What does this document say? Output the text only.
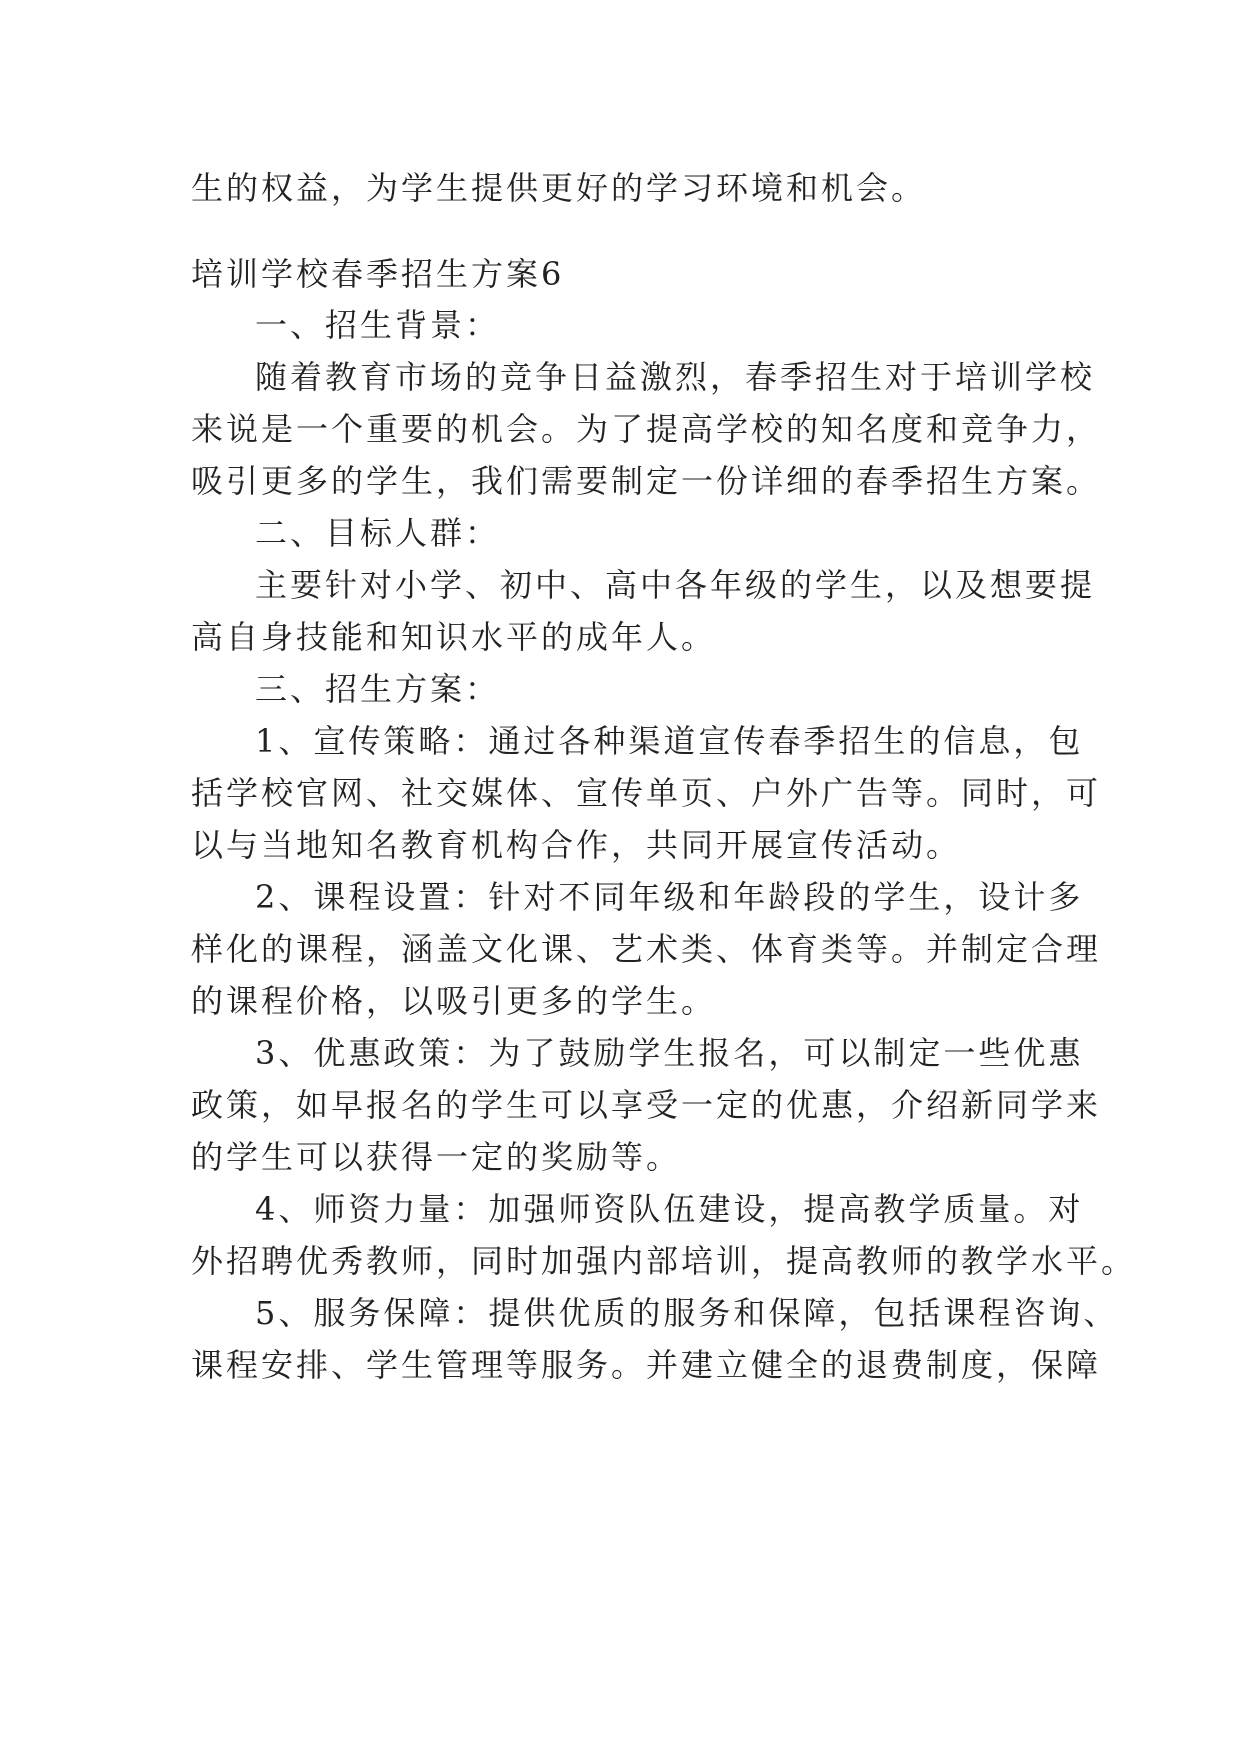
生的权益，为学生提供更好的学习环境和机会。
培训学校春季招生方案6
一、招生背景：
随着教育市场的竞争日益激烈，春季招生对于培训学校
来说是一个重要的机会。为了提高学校的知名度和竞争力，
吸引更多的学生，我们需要制定一份详细的春季招生方案。
二、目标人群：
主要针对小学、初中、高中各年级的学生，以及想要提
高自身技能和知识水平的成年人。
三、招生方案：
1、宣传策略：通过各种渠道宣传春季招生的信息，包
括学校官网、社交媒体、宣传单页、户外广告等。同时，可
以与当地知名教育机构合作，共同开展宣传活动。
2、课程设置：针对不同年级和年龄段的学生，设计多
样化的课程，涵盖文化课、艺术类、体育类等。并制定合理
的课程价格，以吸引更多的学生。
3、优惠政策：为了鼓励学生报名，可以制定一些优惠
政策，如早报名的学生可以享受一定的优惠，介绍新同学来
的学生可以获得一定的奖励等。
4、师资力量：加强师资队伍建设，提高教学质量。对
外招聘优秀教师，同时加强内部培训，提高教师的教学水平。
5、服务保障：提供优质的服务和保障，包括课程咨询、
课程安排、学生管理等服务。并建立健全的退费制度，保障
